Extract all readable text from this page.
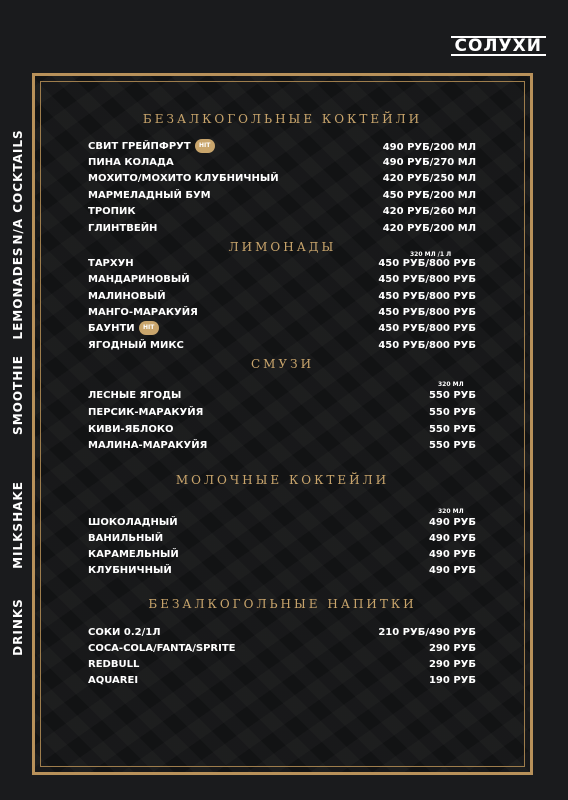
СОЛУХИ
N/A COCKTAILS
LEMONADES
SMOOTHIE
MILKSHAKE
DRINKS
БЕЗАЛКОГОЛЬНЫЕ КОКТЕЙЛИ
СВИТ ГРЕЙПФРУТ HIT	490 РУБ/200 МЛ
ПИНА КОЛАДА	490 РУБ/270 МЛ
МОХИТО/МОХИТО КЛУБНИЧНЫЙ	420 РУБ/250 МЛ
МАРМЕЛАДНЫЙ БУМ	450 РУБ/200 МЛ
ТРОПИК	420 РУБ/260 МЛ
ГЛИНТВЕЙН	420 РУБ/200 МЛ
ЛИМОНАДЫ
320 МЛ /1 Л
ТАРХУН	450 РУБ/800 РУБ
МАНДАРИНОВЫЙ	450 РУБ/800 РУБ
МАЛИНОВЫЙ	450 РУБ/800 РУБ
МАНГО-МАРАКУЙЯ	450 РУБ/800 РУБ
БАУНТИ HIT	450 РУБ/800 РУБ
ЯГОДНЫЙ МИКС	450 РУБ/800 РУБ
СМУЗИ
320 МЛ
ЛЕСНЫЕ ЯГОДЫ	550 РУБ
ПЕРСИК-МАРАКУЙЯ	550 РУБ
КИВИ-ЯБЛОКО	550 РУБ
МАЛИНА-МАРАКУЙЯ	550 РУБ
МОЛОЧНЫЕ КОКТЕЙЛИ
320 МЛ
ШОКОЛАДНЫЙ	490 РУБ
ВАНИЛЬНЫЙ	490 РУБ
КАРАМЕЛЬНЫЙ	490 РУБ
КЛУБНИЧНЫЙ	490 РУБ
БЕЗАЛКОГОЛЬНЫЕ НАПИТКИ
СОКИ 0.2/1Л	210 РУБ/490 РУБ
COCA-COLA/FANTA/SPRITE	290 РУБ
REDBULL	290 РУБ
AQUAREI	190 РУБ
